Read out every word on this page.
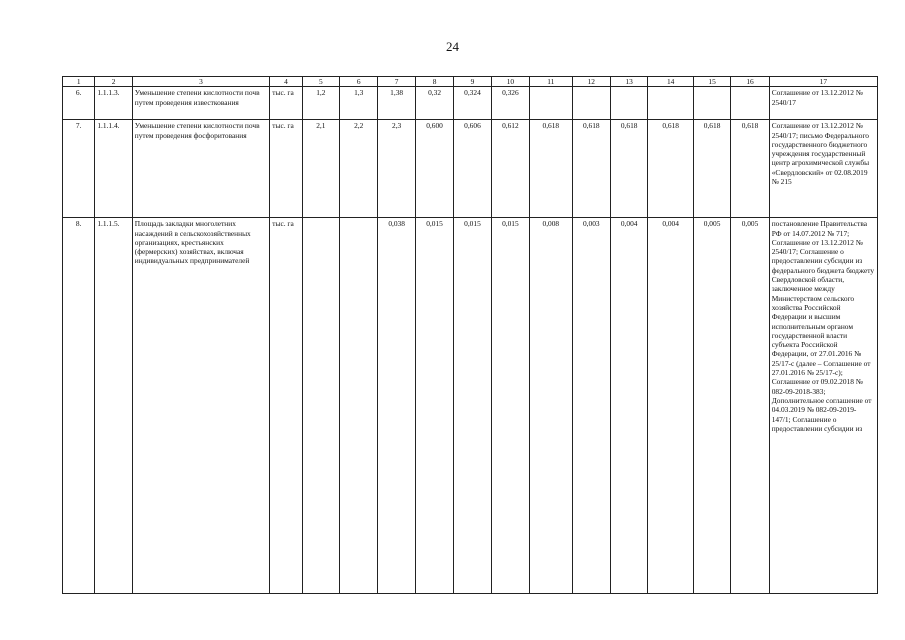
24
1	2	3	4	5	6	7	8	9	10	11	12	13	14	15	16	17
6.	1.1.1.3.	Уменьшение степени кислотности почв путем проведения известкования	тыс. га	1,2	1,3	1,38	0,32	0,324	0,326							Соглашение от 13.12.2012 № 2540/17
7.	1.1.1.4.	Уменьшение степени кислотности почв путем проведения фосфоритования	тыс. га	2,1	2,2	2,3	0,600	0,606	0,612	0,618	0,618	0,618	0,618	0,618	0,618	Соглашение от 13.12.2012 № 2540/17; письмо Федерального государственного бюджетного учреждения государственный центр агрохимической службы «Свердловский» от 02.08.2019 № 215
8.	1.1.1.5.	Площадь закладки многолетних насаждений в сельскохозяйственных организациях, крестьянских (фермерских) хозяйствах, включая индивидуальных предпринимателей	тыс. га			0,038	0,015	0,015	0,015	0,008	0,003	0,004	0,004	0,005	0,005	постановление Правительства РФ от 14.07.2012 № 717; Соглашение от 13.12.2012 № 2540/17; Соглашение о предоставлении субсидии из федерального бюджета бюджету Свердловской области, заключенное между Министерством сельского хозяйства Российской Федерации и высшим исполнительным органом государственной власти субъекта Российской Федерации, от 27.01.2016 № 25/17-с (далее – Соглашение от 27.01.2016 № 25/17-с); Соглашение от 09.02.2018 № 082-09-2018-383; Дополнительное соглашение от 04.03.2019 № 082-09-2019-147/1; Соглашение о предоставлении субсидии из
